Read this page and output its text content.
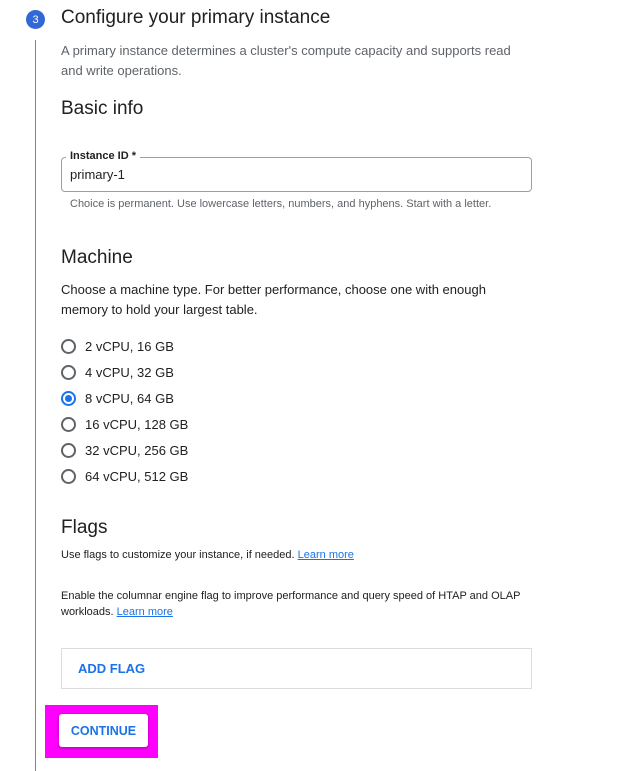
3	Configure your primary instance
A primary instance determines a cluster's compute capacity and supports read and write operations.
Basic info
Instance ID *
primary-1
Choice is permanent. Use lowercase letters, numbers, and hyphens. Start with a letter.
Machine
Choose a machine type. For better performance, choose one with enough memory to hold your largest table.
2 vCPU, 16 GB
4 vCPU, 32 GB
8 vCPU, 64 GB
16 vCPU, 128 GB
32 vCPU, 256 GB
64 vCPU, 512 GB
Flags
Use flags to customize your instance, if needed. Learn more
Enable the columnar engine flag to improve performance and query speed of HTAP and OLAP workloads. Learn more
ADD FLAG
CONTINUE
